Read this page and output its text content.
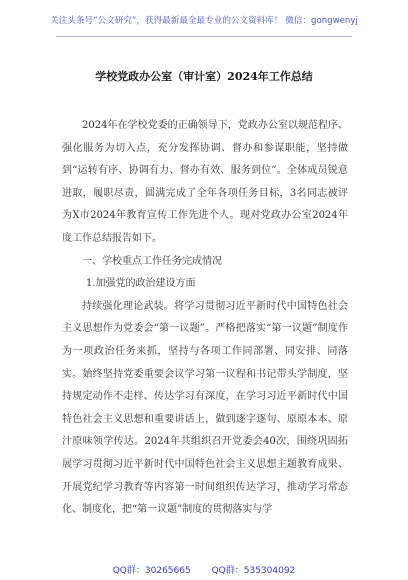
关注头条号“公文研究”，获得最新最全最专业的公文资料库！ 微信：gongwenyj
学校党政办公室（审计室）2024年工作总结

2024年在学校党委的正确领导下，党政办公室以规范程序、强化服务为切入点，充分发挥协调、督办和参谋职能，坚持做到“运转有序、协调有力、督办有效、服务到位”。全体成员锐意进取，履职尽责，圆满完成了全年各项任务目标，3名同志被评为X市2024年教育宣传工作先进个人。现对党政办公室2024年度工作总结报告如下。

一、学校重点工作任务完成情况

1.加强党的政治建设方面

持续强化理论武装。将学习贯彻习近平新时代中国特色社会主义思想作为党委会“第一议题”。严格把落实“第一议题”制度作为一项政治任务来抓，坚持与各项工作同部署、同安排、同落实。始终坚持党委重要会议学习第一议程和书记带头学制度，坚持规定动作不走样、传达学习有深度，在学习习近平新时代中国特色社会主义思想和重要讲话上，做到逐字逐句、原原本本、原汁原味领学传达。2024年共组织召开党委会40次，围绕巩固拓展学习贯彻习近平新时代中国特色社会主义思想主题教育成果、开展党纪学习教育等内容第一时间组织传达学习，推动学习常态化、制度化，把“第一议题”制度的贯彻落实与学

QQ群：30265665 QQ群：535304092
